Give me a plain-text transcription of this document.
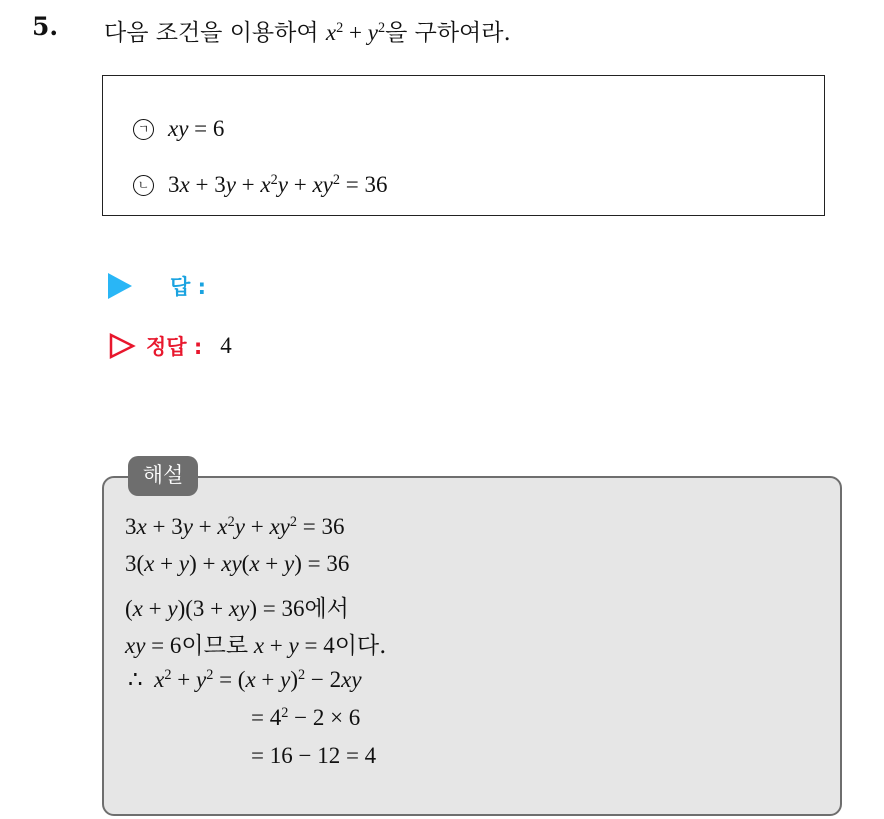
5. 다음 조건을 이용하여 $x^2 + y^2$을 구하여라.
ㄱ xy = 6
ㄴ $3x + 3y + x^2y + xy^2 = 36$
답 :
정답 : 4
해설
$3x + 3y + x^2y + xy^2 = 36$
3(x + y) + xy(x + y) = 36
(x + y)(3 + xy) = 36에서
xy = 6이므로 x + y = 4이다.
∴  $x^2 + y^2 = (x + y)^2 - 2xy$
= $4^2 - 2 \times 6$
= 16 − 12 = 4
